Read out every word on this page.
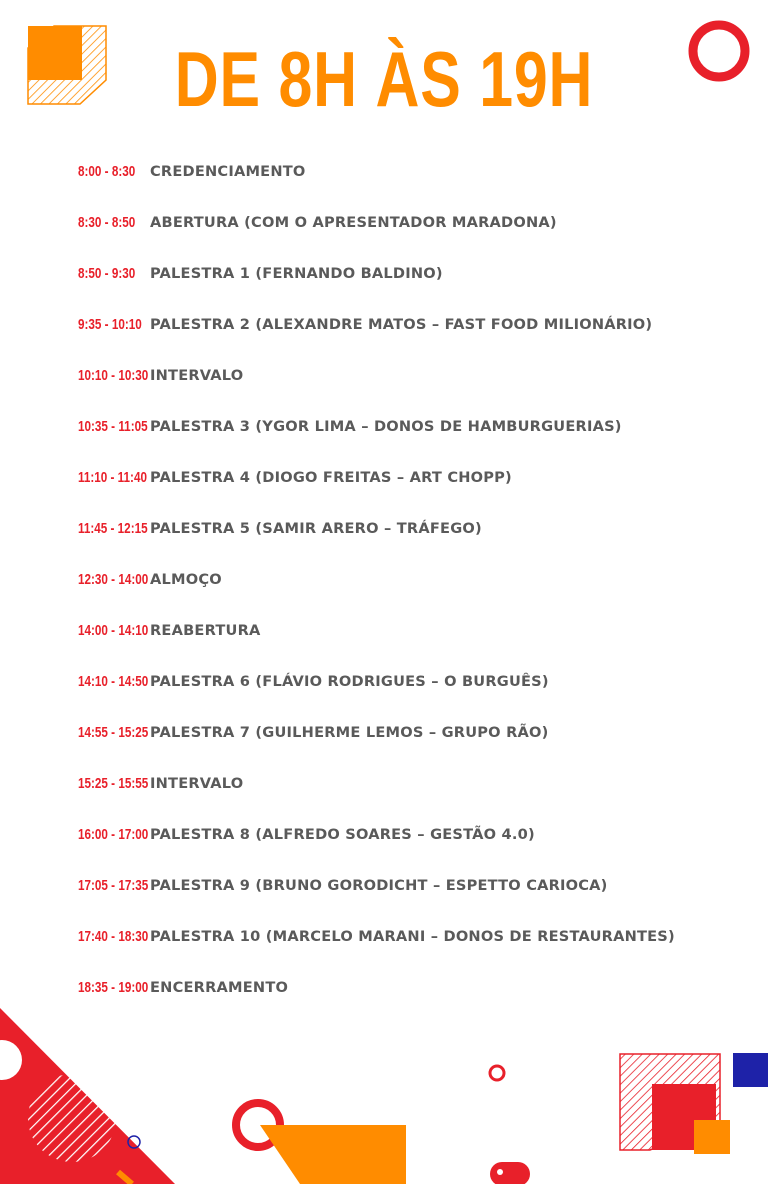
DE 8H ÀS 19H
8:00 - 8:30 CREDENCIAMENTO
8:30 - 8:50 ABERTURA (COM O APRESENTADOR MARADONA)
8:50 - 9:30 PALESTRA 1 (FERNANDO BALDINO)
9:35 - 10:10 PALESTRA 2 (ALEXANDRE MATOS – FAST FOOD MILIONÁRIO)
10:10 - 10:30 INTERVALO
10:35 - 11:05 PALESTRA 3 (YGOR LIMA – DONOS DE HAMBURGUERIAS)
11:10 - 11:40 PALESTRA 4 (DIOGO FREITAS – ART CHOPP)
11:45 - 12:15 PALESTRA 5 (SAMIR ARERO – TRÁFEGO)
12:30 - 14:00 ALMOÇO
14:00 - 14:10 REABERTURA
14:10 - 14:50 PALESTRA 6 (FLÁVIO RODRIGUES – O BURGUÊS)
14:55 - 15:25 PALESTRA 7 (GUILHERME LEMOS – GRUPO RÃO)
15:25 - 15:55 INTERVALO
16:00 - 17:00 PALESTRA 8 (ALFREDO SOARES – GESTÃO 4.0)
17:05 - 17:35 PALESTRA 9 (BRUNO GORODICHT – ESPETTO CARIOCA)
17:40 - 18:30 PALESTRA 10 (MARCELO MARANI – DONOS DE RESTAURANTES)
18:35 - 19:00 ENCERRAMENTO
